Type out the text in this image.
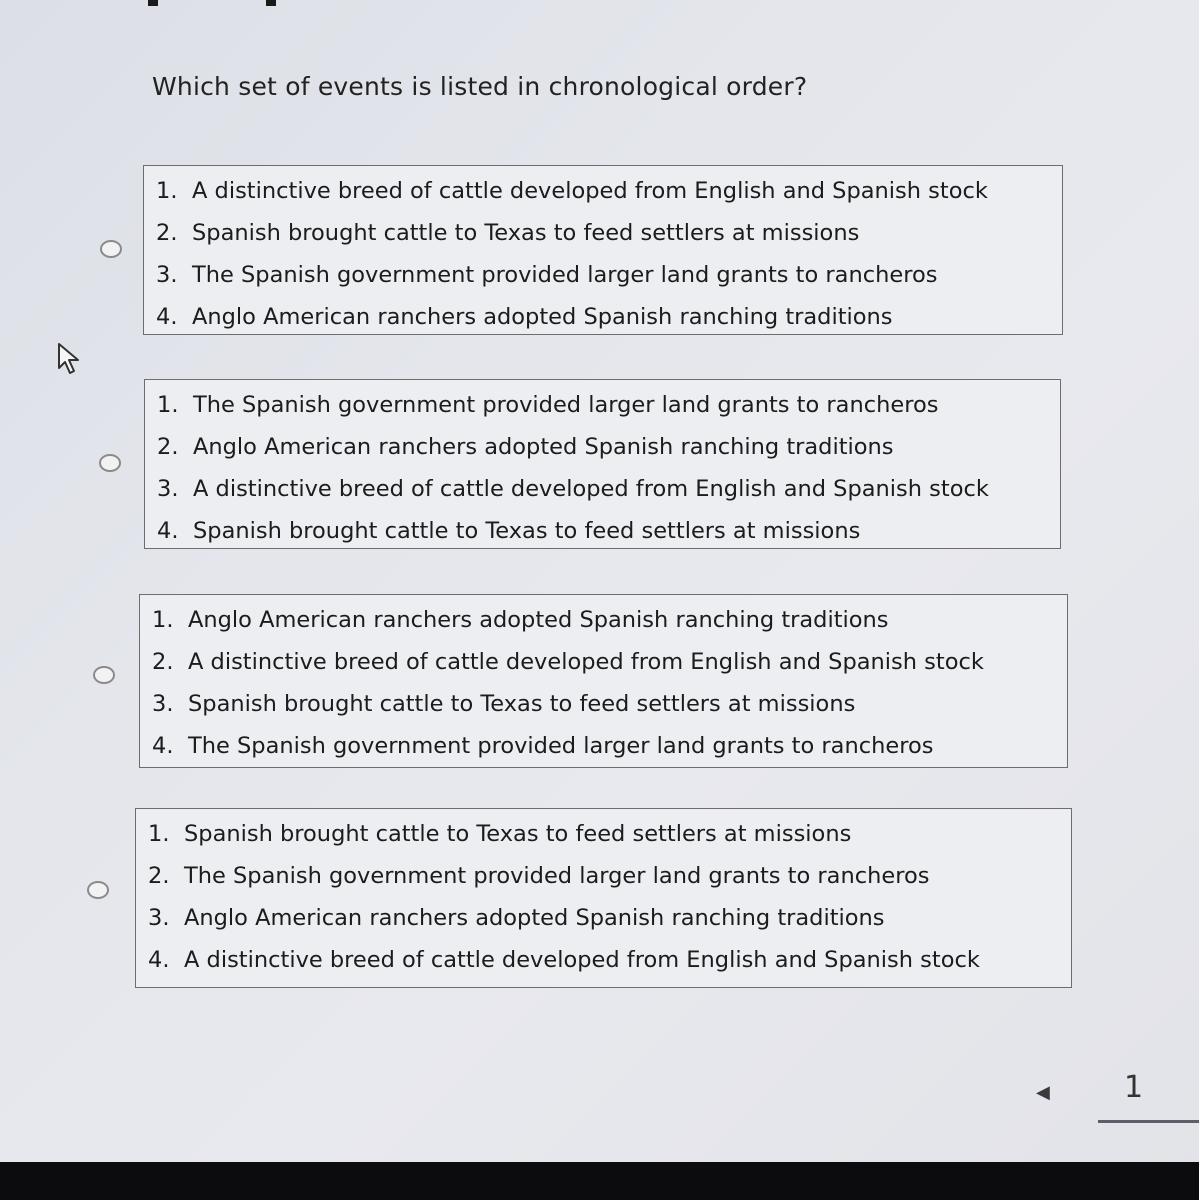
Which set of events is listed in chronological order?
1. A distinctive breed of cattle developed from English and Spanish stock
2. Spanish brought cattle to Texas to feed settlers at missions
3. The Spanish government provided larger land grants to rancheros
4. Anglo American ranchers adopted Spanish ranching traditions
1. The Spanish government provided larger land grants to rancheros
2. Anglo American ranchers adopted Spanish ranching traditions
3. A distinctive breed of cattle developed from English and Spanish stock
4. Spanish brought cattle to Texas to feed settlers at missions
1. Anglo American ranchers adopted Spanish ranching traditions
2. A distinctive breed of cattle developed from English and Spanish stock
3. Spanish brought cattle to Texas to feed settlers at missions
4. The Spanish government provided larger land grants to rancheros
1. Spanish brought cattle to Texas to feed settlers at missions
2. The Spanish government provided larger land grants to rancheros
3. Anglo American ranchers adopted Spanish ranching traditions
4. A distinctive breed of cattle developed from English and Spanish stock
◀ 1
